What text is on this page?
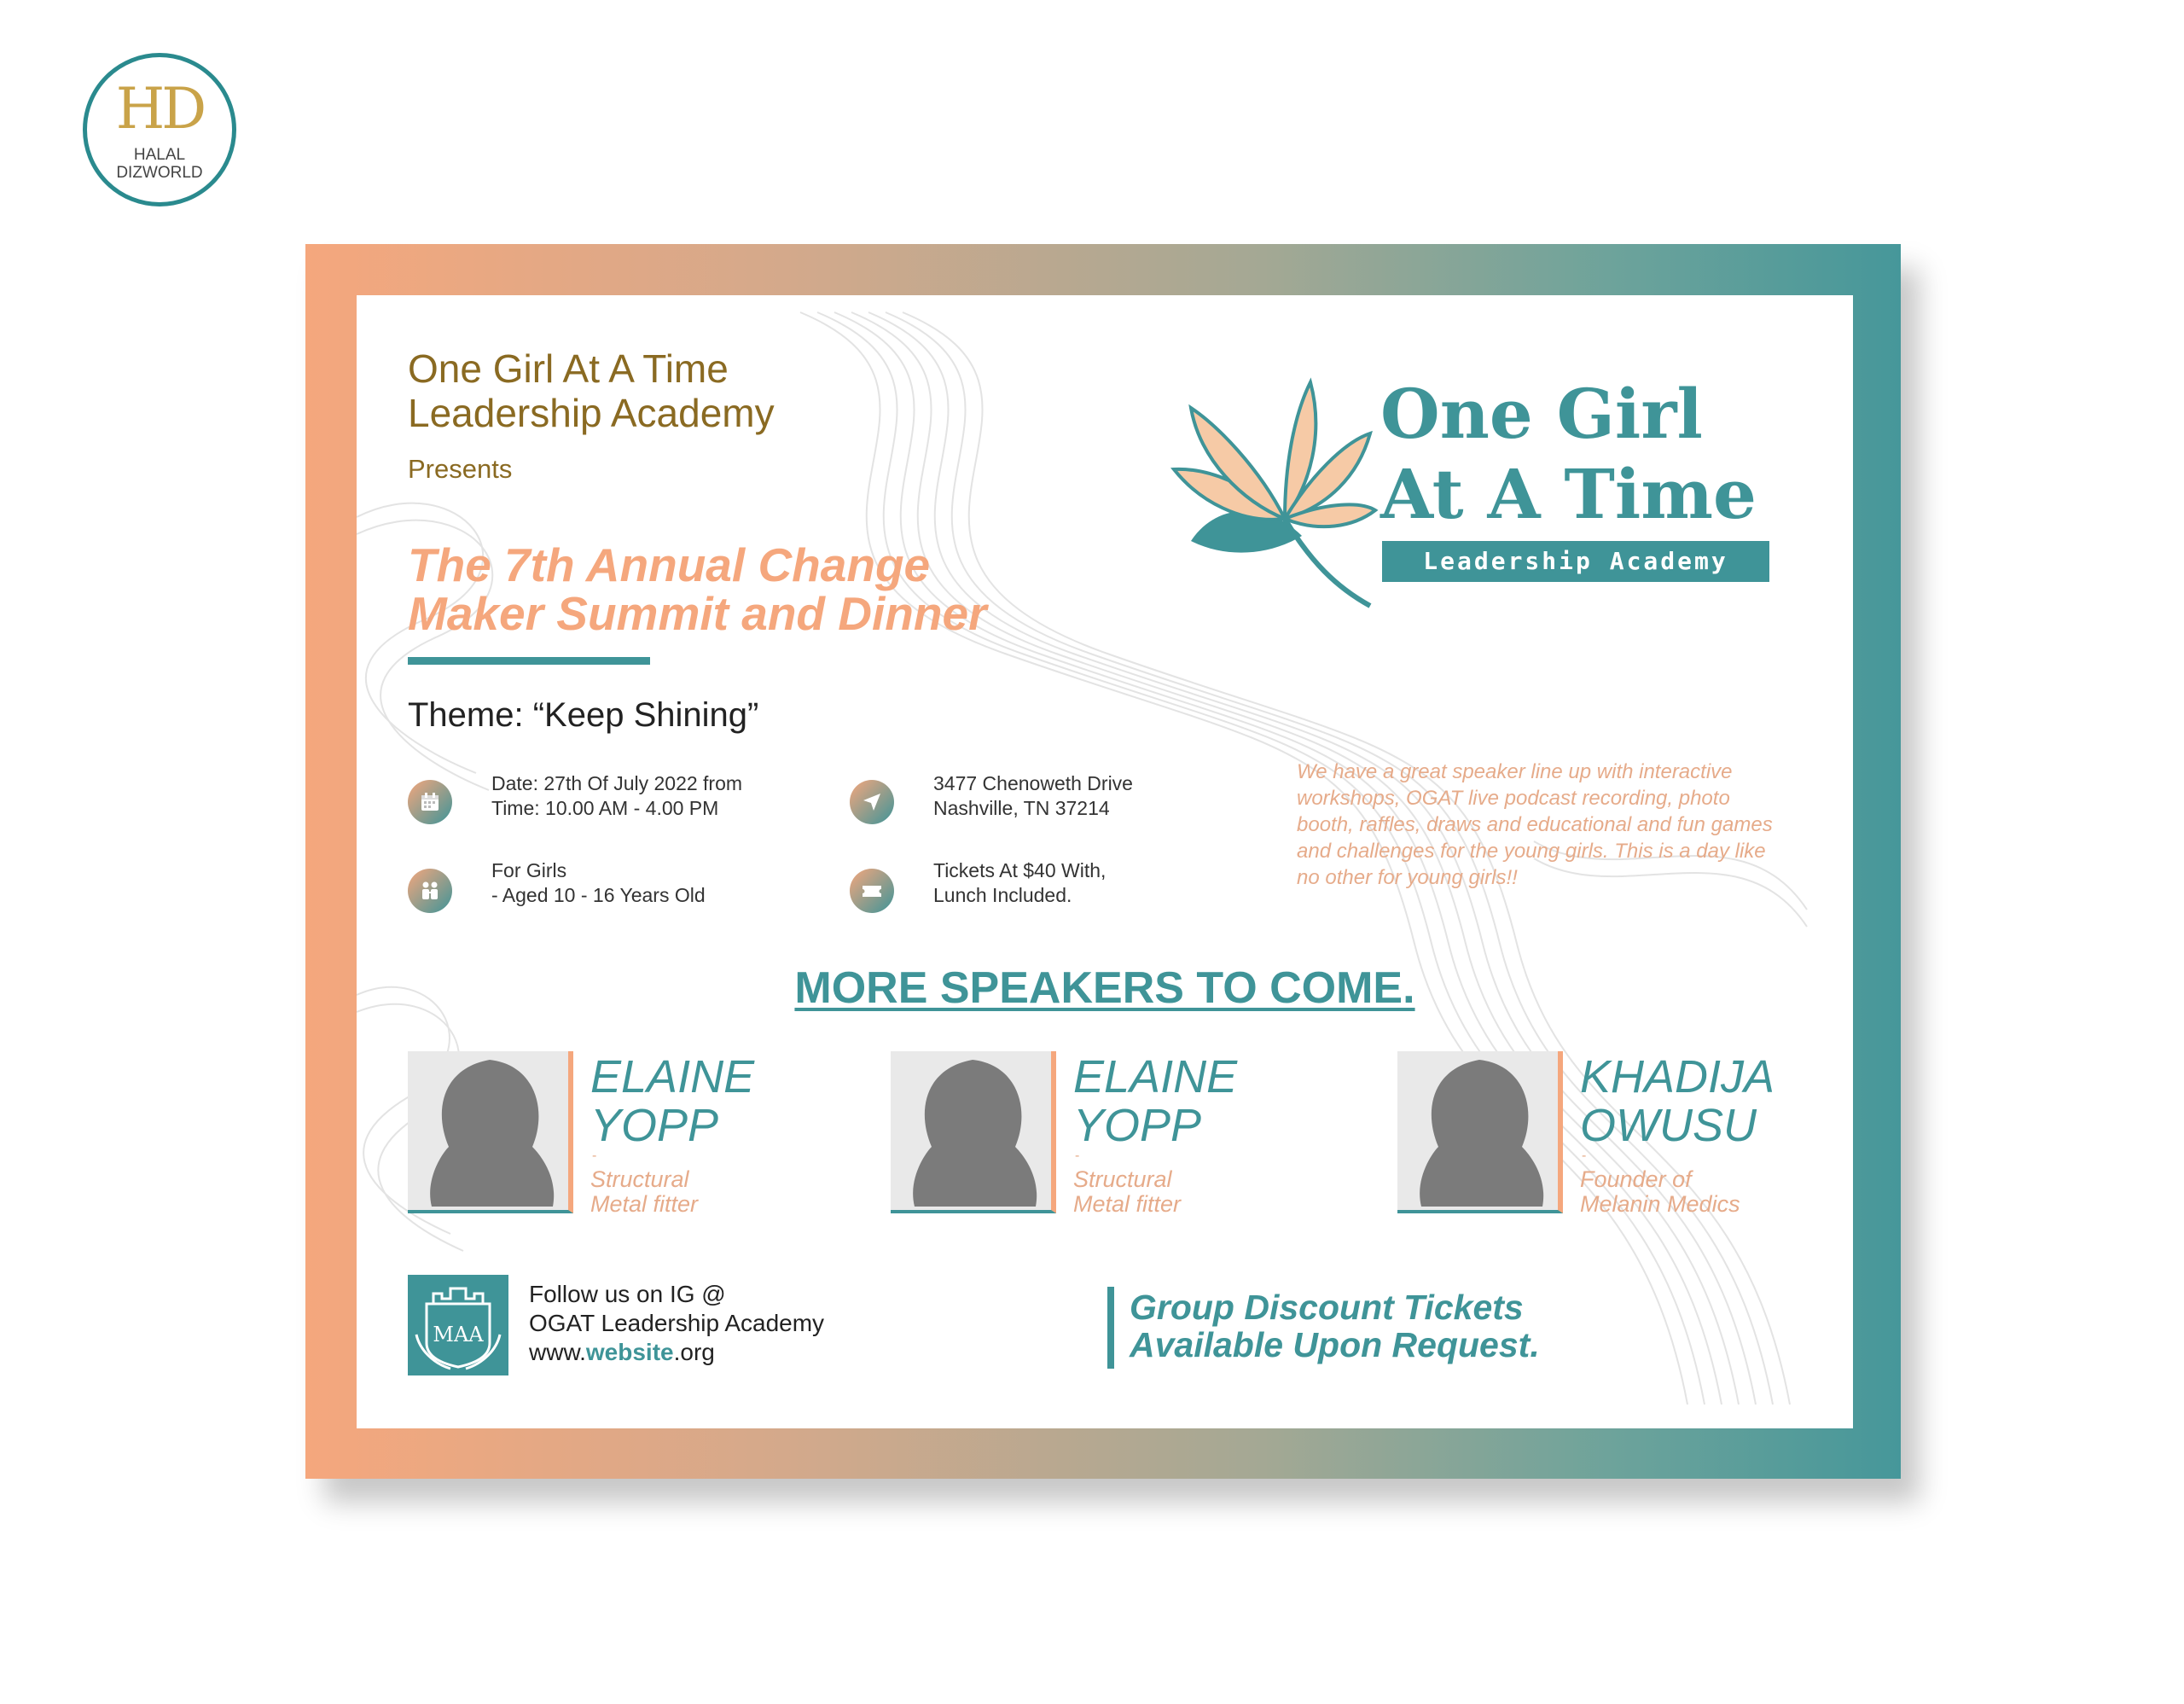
HD
HALAL
DIZWORLD
One Girl At A Time
Leadership Academy
Presents
The 7th Annual Change
Maker Summit and Dinner
Theme: “Keep Shining”
Date: 27th Of July 2022 from
Time: 10.00 AM - 4.00 PM
3477 Chenoweth Drive
Nashville, TN 37214
For Girls
- Aged 10 - 16 Years Old
Tickets At $40 With,
Lunch Included.

We have a great speaker line up with interactive workshops, OGAT live podcast recording, photo booth, raffles, draws and educational and fun games and challenges for the young girls. This is a day like no other for young girls!!

One Girl
At A Time
Leadership Academy
MORE SPEAKERS TO COME.
ELAINE
YOPP
-
Structural
Metal fitter
ELAINE
YOPP
-
Structural
Metal fitter
KHADIJA
OWUSU
-
Founder of
Melanin Medics
MAA
Follow us on IG @
OGAT Leadership Academy
www.website.org
Group Discount Tickets
Available Upon Request.
